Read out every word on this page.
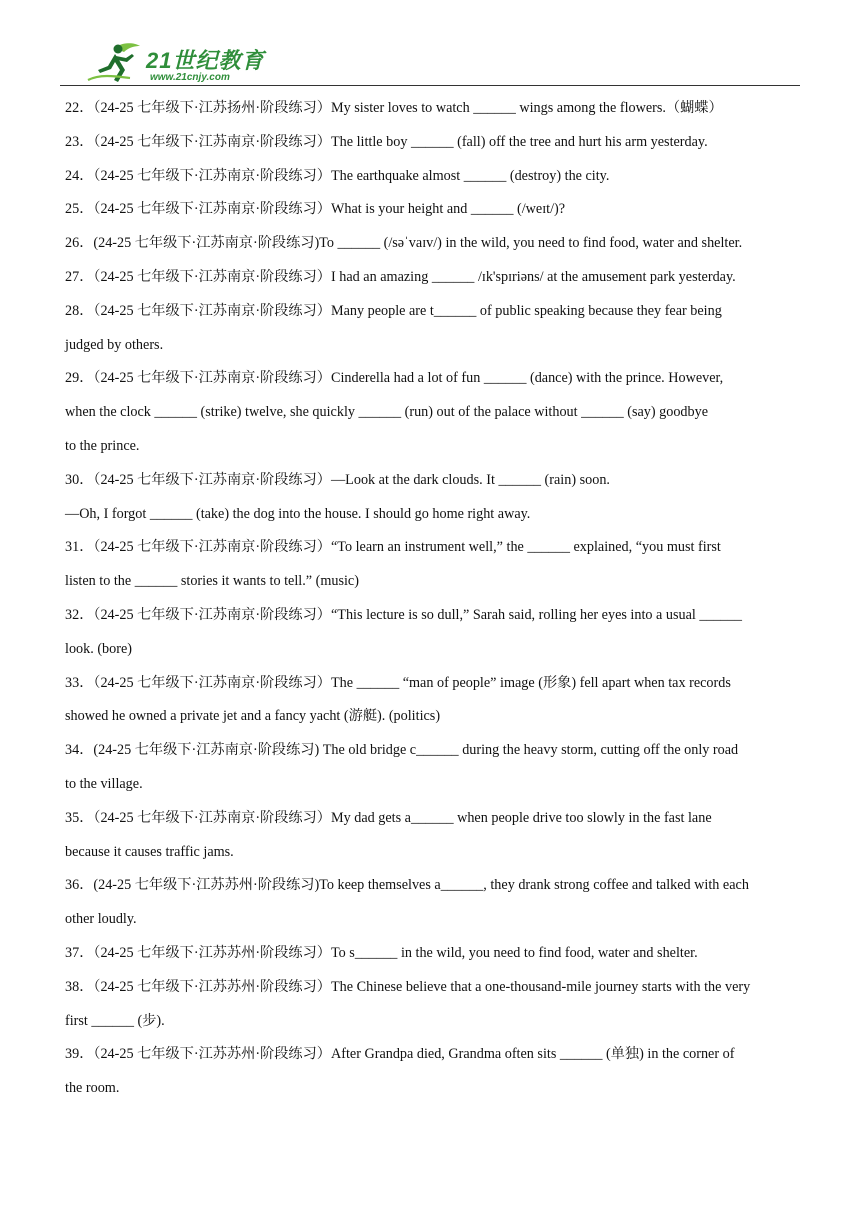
21世纪教育
www.21cnjy.com
22．（24-25 七年级下·江苏扬州·阶段练习）My sister loves to watch ______ wings among the flowers.（蝴蝶）
23．（24-25 七年级下·江苏南京·阶段练习）The little boy ______ (fall) off the tree and hurt his arm yesterday.
24．（24-25 七年级下·江苏南京·阶段练习）The earthquake almost ______ (destroy) the city.
25．（24-25 七年级下·江苏南京·阶段练习）What is your height and ______ (/weɪt/)?
26．(24-25 七年级下·江苏南京·阶段练习)To ______ (/səˈvaɪv/) in the wild, you need to find food, water and shelter.
27．（24-25 七年级下·江苏南京·阶段练习）I had an amazing ______ /ɪk'spɪriəns/ at the amusement park yesterday.
28．（24-25 七年级下·江苏南京·阶段练习）Many people are t______ of public speaking because they fear being
judged by others.
29．（24-25 七年级下·江苏南京·阶段练习）Cinderella had a lot of fun ______ (dance) with the prince. However,
when the clock ______ (strike) twelve, she quickly ______ (run) out of the palace without ______ (say) goodbye
to the prince.
30．（24-25 七年级下·江苏南京·阶段练习）—Look at the dark clouds. It ______ (rain) soon.
—Oh, I forgot ______ (take) the dog into the house. I should go home right away.
31．（24-25 七年级下·江苏南京·阶段练习）“To learn an instrument well,” the ______ explained, “you must first
listen to the ______ stories it wants to tell.” (music)
32．（24-25 七年级下·江苏南京·阶段练习）“This lecture is so dull,” Sarah said, rolling her eyes into a usual ______
look. (bore)
33．（24-25 七年级下·江苏南京·阶段练习）The ______ “man of people” image (形象) fell apart when tax records
showed he owned a private jet and a fancy yacht (游艇). (politics)
34．(24-25 七年级下·江苏南京·阶段练习) The old bridge c______ during the heavy storm, cutting off the only road
to the village.
35．（24-25 七年级下·江苏南京·阶段练习）My dad gets a______ when people drive too slowly in the fast lane
because it causes traffic jams.
36．(24-25 七年级下·江苏苏州·阶段练习)To keep themselves a______, they drank strong coffee and talked with each
other loudly.
37．（24-25 七年级下·江苏苏州·阶段练习）To s______ in the wild, you need to find food, water and shelter.
38．（24-25 七年级下·江苏苏州·阶段练习）The Chinese believe that a one-thousand-mile journey starts with the very
first ______ (步).
39．（24-25 七年级下·江苏苏州·阶段练习）After Grandpa died, Grandma often sits ______ (单独) in the corner of
the room.
